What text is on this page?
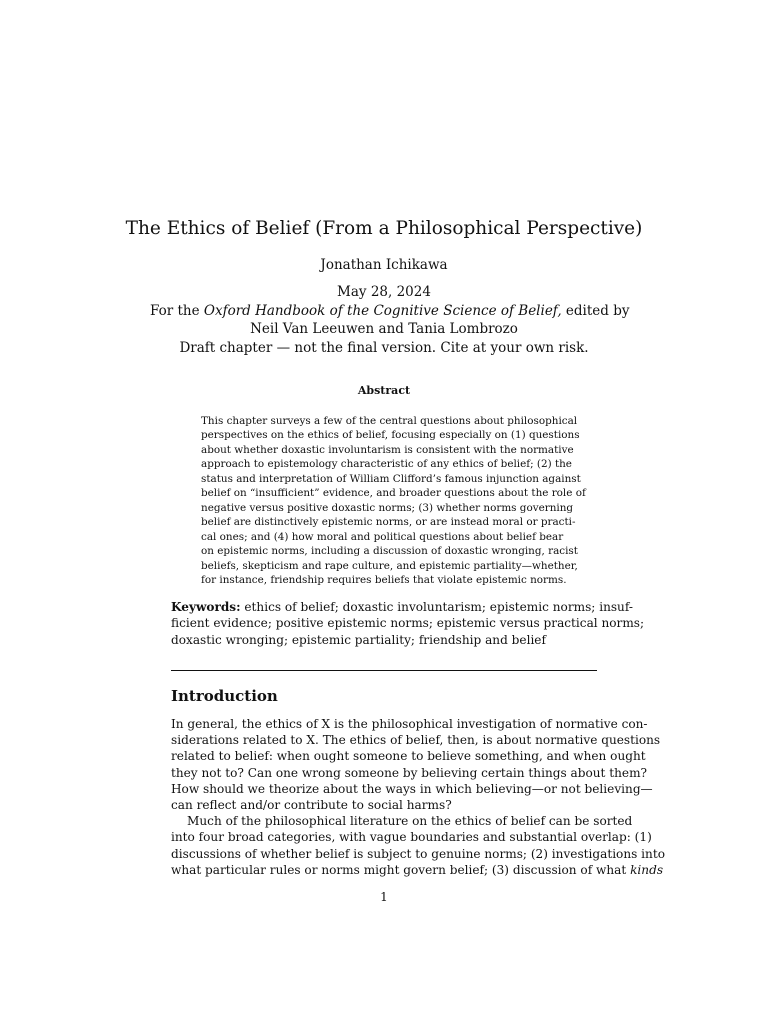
The Ethics of Belief (From a Philosophical Perspective)
Jonathan Ichikawa
May 28, 2024
For the Oxford Handbook of the Cognitive Science of Belief, edited by
Neil Van Leeuwen and Tania Lombrozo
Draft chapter — not the final version. Cite at your own risk.
Abstract
This chapter surveys a few of the central questions about philosophical
perspectives on the ethics of belief, focusing especially on (1) questions
about whether doxastic involuntarism is consistent with the normative
approach to epistemology characteristic of any ethics of belief; (2) the
status and interpretation of William Clifford’s famous injunction against
belief on “insufficient” evidence, and broader questions about the role of
negative versus positive doxastic norms; (3) whether norms governing
belief are distinctively epistemic norms, or are instead moral or practi-
cal ones; and (4) how moral and political questions about belief bear
on epistemic norms, including a discussion of doxastic wronging, racist
beliefs, skepticism and rape culture, and epistemic partiality—whether,
for instance, friendship requires beliefs that violate epistemic norms.
Keywords: ethics of belief; doxastic involuntarism; epistemic norms; insuf-
ficient evidence; positive epistemic norms; epistemic versus practical norms;
doxastic wronging; epistemic partiality; friendship and belief
Introduction
In general, the ethics of X is the philosophical investigation of normative con-
siderations related to X. The ethics of belief, then, is about normative questions
related to belief: when ought someone to believe something, and when ought
they not to? Can one wrong someone by believing certain things about them?
How should we theorize about the ways in which believing—or not believing—
can reflect and/or contribute to social harms?
Much of the philosophical literature on the ethics of belief can be sorted
into four broad categories, with vague boundaries and substantial overlap: (1)
discussions of whether belief is subject to genuine norms; (2) investigations into
what particular rules or norms might govern belief; (3) discussion of what kinds
1
